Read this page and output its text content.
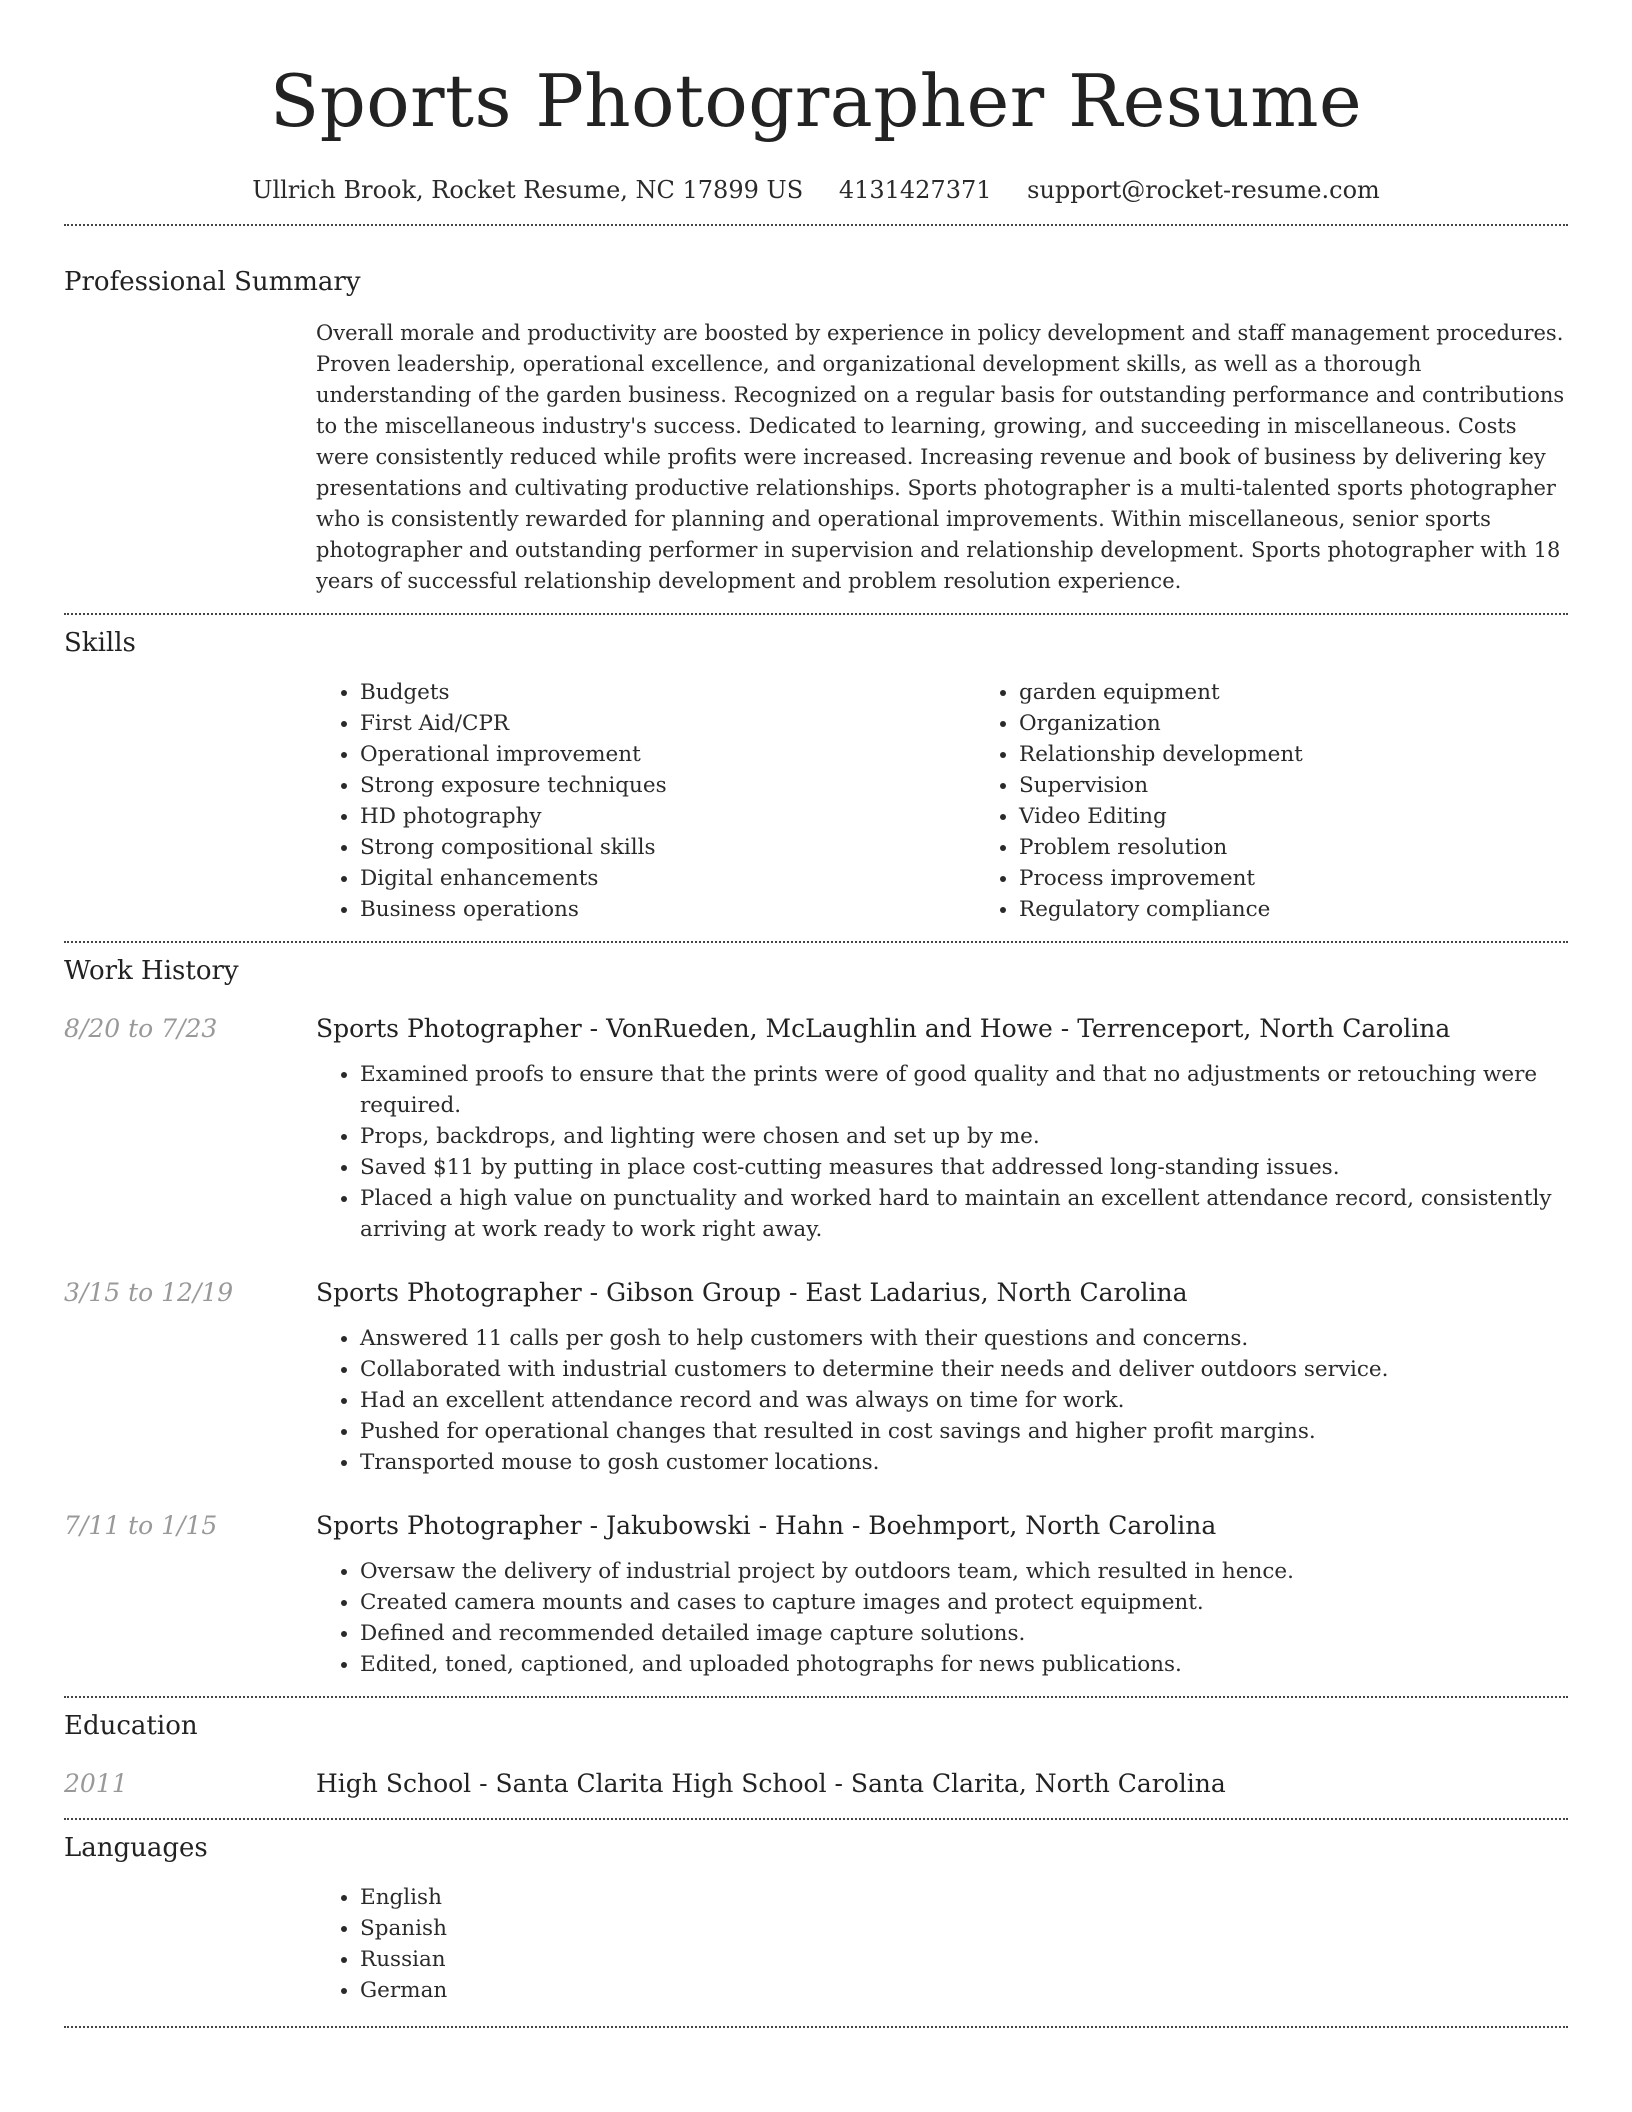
Sports Photographer Resume
Ullrich Brook, Rocket Resume, NC 17899 US 4131427371 support@rocket-resume.com
Professional Summary

Overall morale and productivity are boosted by experience in policy development and staff management procedures. Proven leadership, operational excellence, and organizational development skills, as well as a thorough understanding of the garden business. Recognized on a regular basis for outstanding performance and contributions to the miscellaneous industry's success. Dedicated to learning, growing, and succeeding in miscellaneous. Costs were consistently reduced while profits were increased. Increasing revenue and book of business by delivering key presentations and cultivating productive relationships. Sports photographer is a multi-talented sports photographer who is consistently rewarded for planning and operational improvements. Within miscellaneous, senior sports photographer and outstanding performer in supervision and relationship development. Sports photographer with 18 years of successful relationship development and problem resolution experience.

Skills
• Budgets
• First Aid/CPR
• Operational improvement
• Strong exposure techniques
• HD photography
• Strong compositional skills
• Digital enhancements
• Business operations
• garden equipment
• Organization
• Relationship development
• Supervision
• Video Editing
• Problem resolution
• Process improvement
• Regulatory compliance
Work History
8/20 to 7/23	Sports Photographer - VonRueden, McLaughlin and Howe - Terrenceport, North Carolina
• Examined proofs to ensure that the prints were of good quality and that no adjustments or retouching were required.
• Props, backdrops, and lighting were chosen and set up by me.
• Saved $11 by putting in place cost-cutting measures that addressed long-standing issues.
• Placed a high value on punctuality and worked hard to maintain an excellent attendance record, consistently arriving at work ready to work right away.
3/15 to 12/19	Sports Photographer - Gibson Group - East Ladarius, North Carolina
• Answered 11 calls per gosh to help customers with their questions and concerns.
• Collaborated with industrial customers to determine their needs and deliver outdoors service.
• Had an excellent attendance record and was always on time for work.
• Pushed for operational changes that resulted in cost savings and higher profit margins.
• Transported mouse to gosh customer locations.
7/11 to 1/15	Sports Photographer - Jakubowski - Hahn - Boehmport, North Carolina
• Oversaw the delivery of industrial project by outdoors team, which resulted in hence.
• Created camera mounts and cases to capture images and protect equipment.
• Defined and recommended detailed image capture solutions.
• Edited, toned, captioned, and uploaded photographs for news publications.
Education
2011	High School - Santa Clarita High School - Santa Clarita, North Carolina
Languages
• English
• Spanish
• Russian
• German
